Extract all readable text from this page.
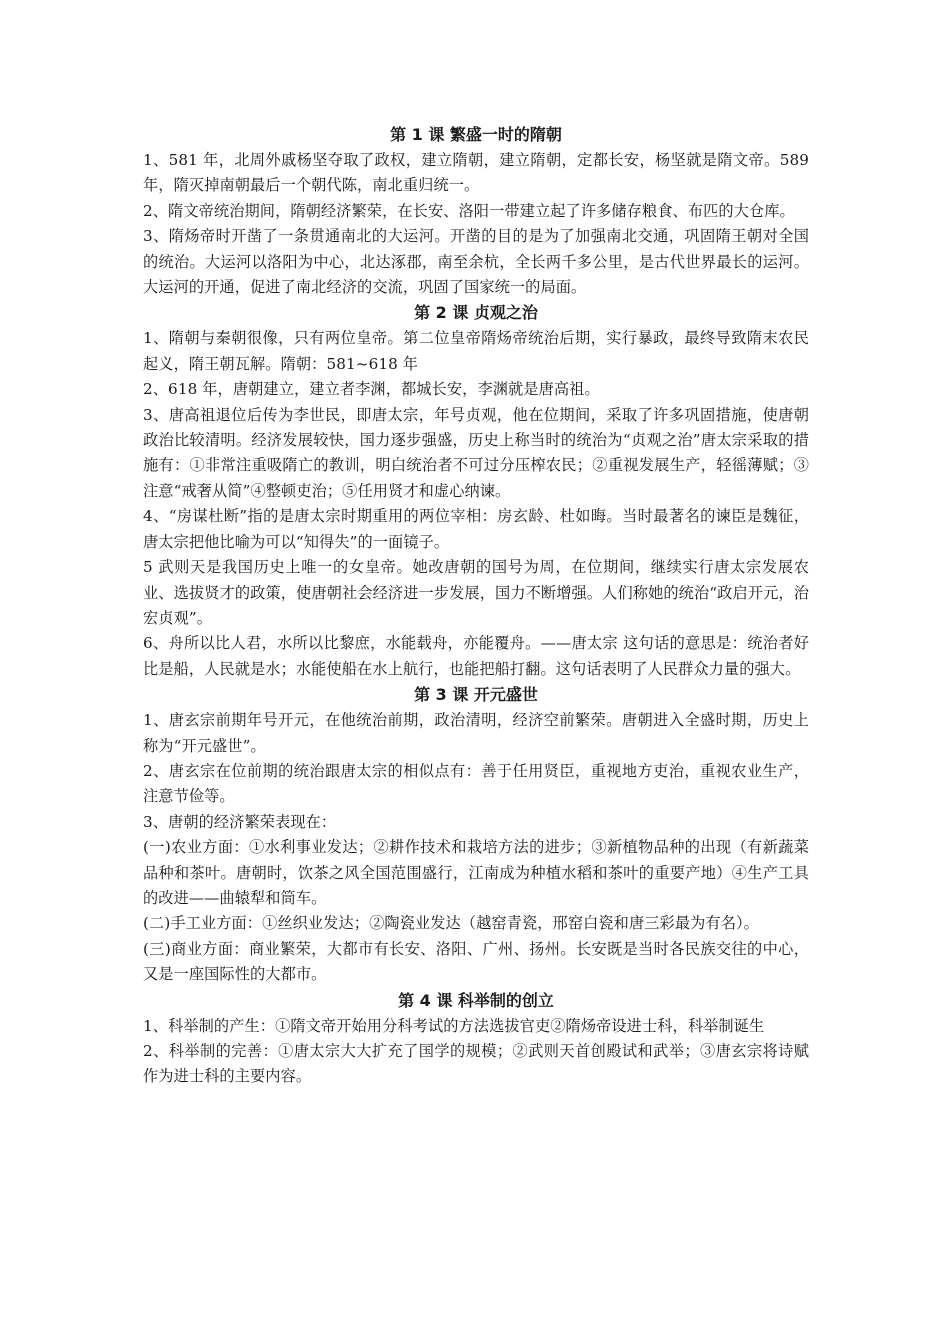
第 1 课 繁盛一时的隋朝

1、581 年，北周外戚杨坚夺取了政权，建立隋朝，建立隋朝，定都长安，杨坚就是隋文帝。589 年，隋灭掉南朝最后一个朝代陈，南北重归统一。

2、隋文帝统治期间，隋朝经济繁荣，在长安、洛阳一带建立起了许多储存粮食、布匹的大仓库。

3、隋炀帝时开凿了一条贯通南北的大运河。开凿的目的是为了加强南北交通，巩固隋王朝对全国的统治。大运河以洛阳为中心，北达涿郡，南至余杭，全长两千多公里，是古代世界最长的运河。大运河的开通，促进了南北经济的交流，巩固了国家统一的局面。

第 2 课 贞观之治

1、隋朝与秦朝很像，只有两位皇帝。第二位皇帝隋炀帝统治后期，实行暴政，最终导致隋末农民起义，隋王朝瓦解。隋朝：581~618 年

2、618 年，唐朝建立，建立者李渊，都城长安，李渊就是唐高祖。

3、唐高祖退位后传为李世民，即唐太宗，年号贞观，他在位期间，采取了许多巩固措施，使唐朝政治比较清明。经济发展较快，国力逐步强盛，历史上称当时的统治为“贞观之治”唐太宗采取的措施有：①非常注重吸隋亡的教训，明白统治者不可过分压榨农民；②重视发展生产，轻徭薄赋；③注意“戒奢从简”④整顿吏治；⑤任用贤才和虚心纳谏。

4、“房谋杜断”指的是唐太宗时期重用的两位宰相：房玄龄、杜如晦。当时最著名的谏臣是魏征，唐太宗把他比喻为可以“知得失”的一面镜子。

5 武则天是我国历史上唯一的女皇帝。她改唐朝的国号为周，在位期间，继续实行唐太宗发展农业、选拔贤才的政策，使唐朝社会经济进一步发展，国力不断增强。人们称她的统治“政启开元，治宏贞观”。

6、舟所以比人君，水所以比黎庶，水能载舟，亦能覆舟。——唐太宗 这句话的意思是：统治者好比是船，人民就是水；水能使船在水上航行，也能把船打翻。这句话表明了人民群众力量的强大。

第 3 课 开元盛世

1、唐玄宗前期年号开元，在他统治前期，政治清明，经济空前繁荣。唐朝进入全盛时期，历史上称为“开元盛世”。

2、唐玄宗在位前期的统治跟唐太宗的相似点有：善于任用贤臣，重视地方吏治，重视农业生产，注意节俭等。

3、唐朝的经济繁荣表现在：

(一)农业方面：①水利事业发达；②耕作技术和栽培方法的进步；③新植物品种的出现（有新蔬菜品种和茶叶。唐朝时，饮茶之风全国范围盛行，江南成为种植水稻和茶叶的重要产地）④生产工具的改进——曲辕犁和筒车。

(二)手工业方面：①丝织业发达；②陶瓷业发达（越窑青瓷，邢窑白瓷和唐三彩最为有名）。

(三)商业方面：商业繁荣，大都市有长安、洛阳、广州、扬州。长安既是当时各民族交往的中心，又是一座国际性的大都市。

第 4 课 科举制的创立

1、科举制的产生：①隋文帝开始用分科考试的方法选拔官吏②隋炀帝设进士科，科举制诞生

2、科举制的完善：①唐太宗大大扩充了国学的规模；②武则天首创殿试和武举；③唐玄宗将诗赋作为进士科的主要内容。
